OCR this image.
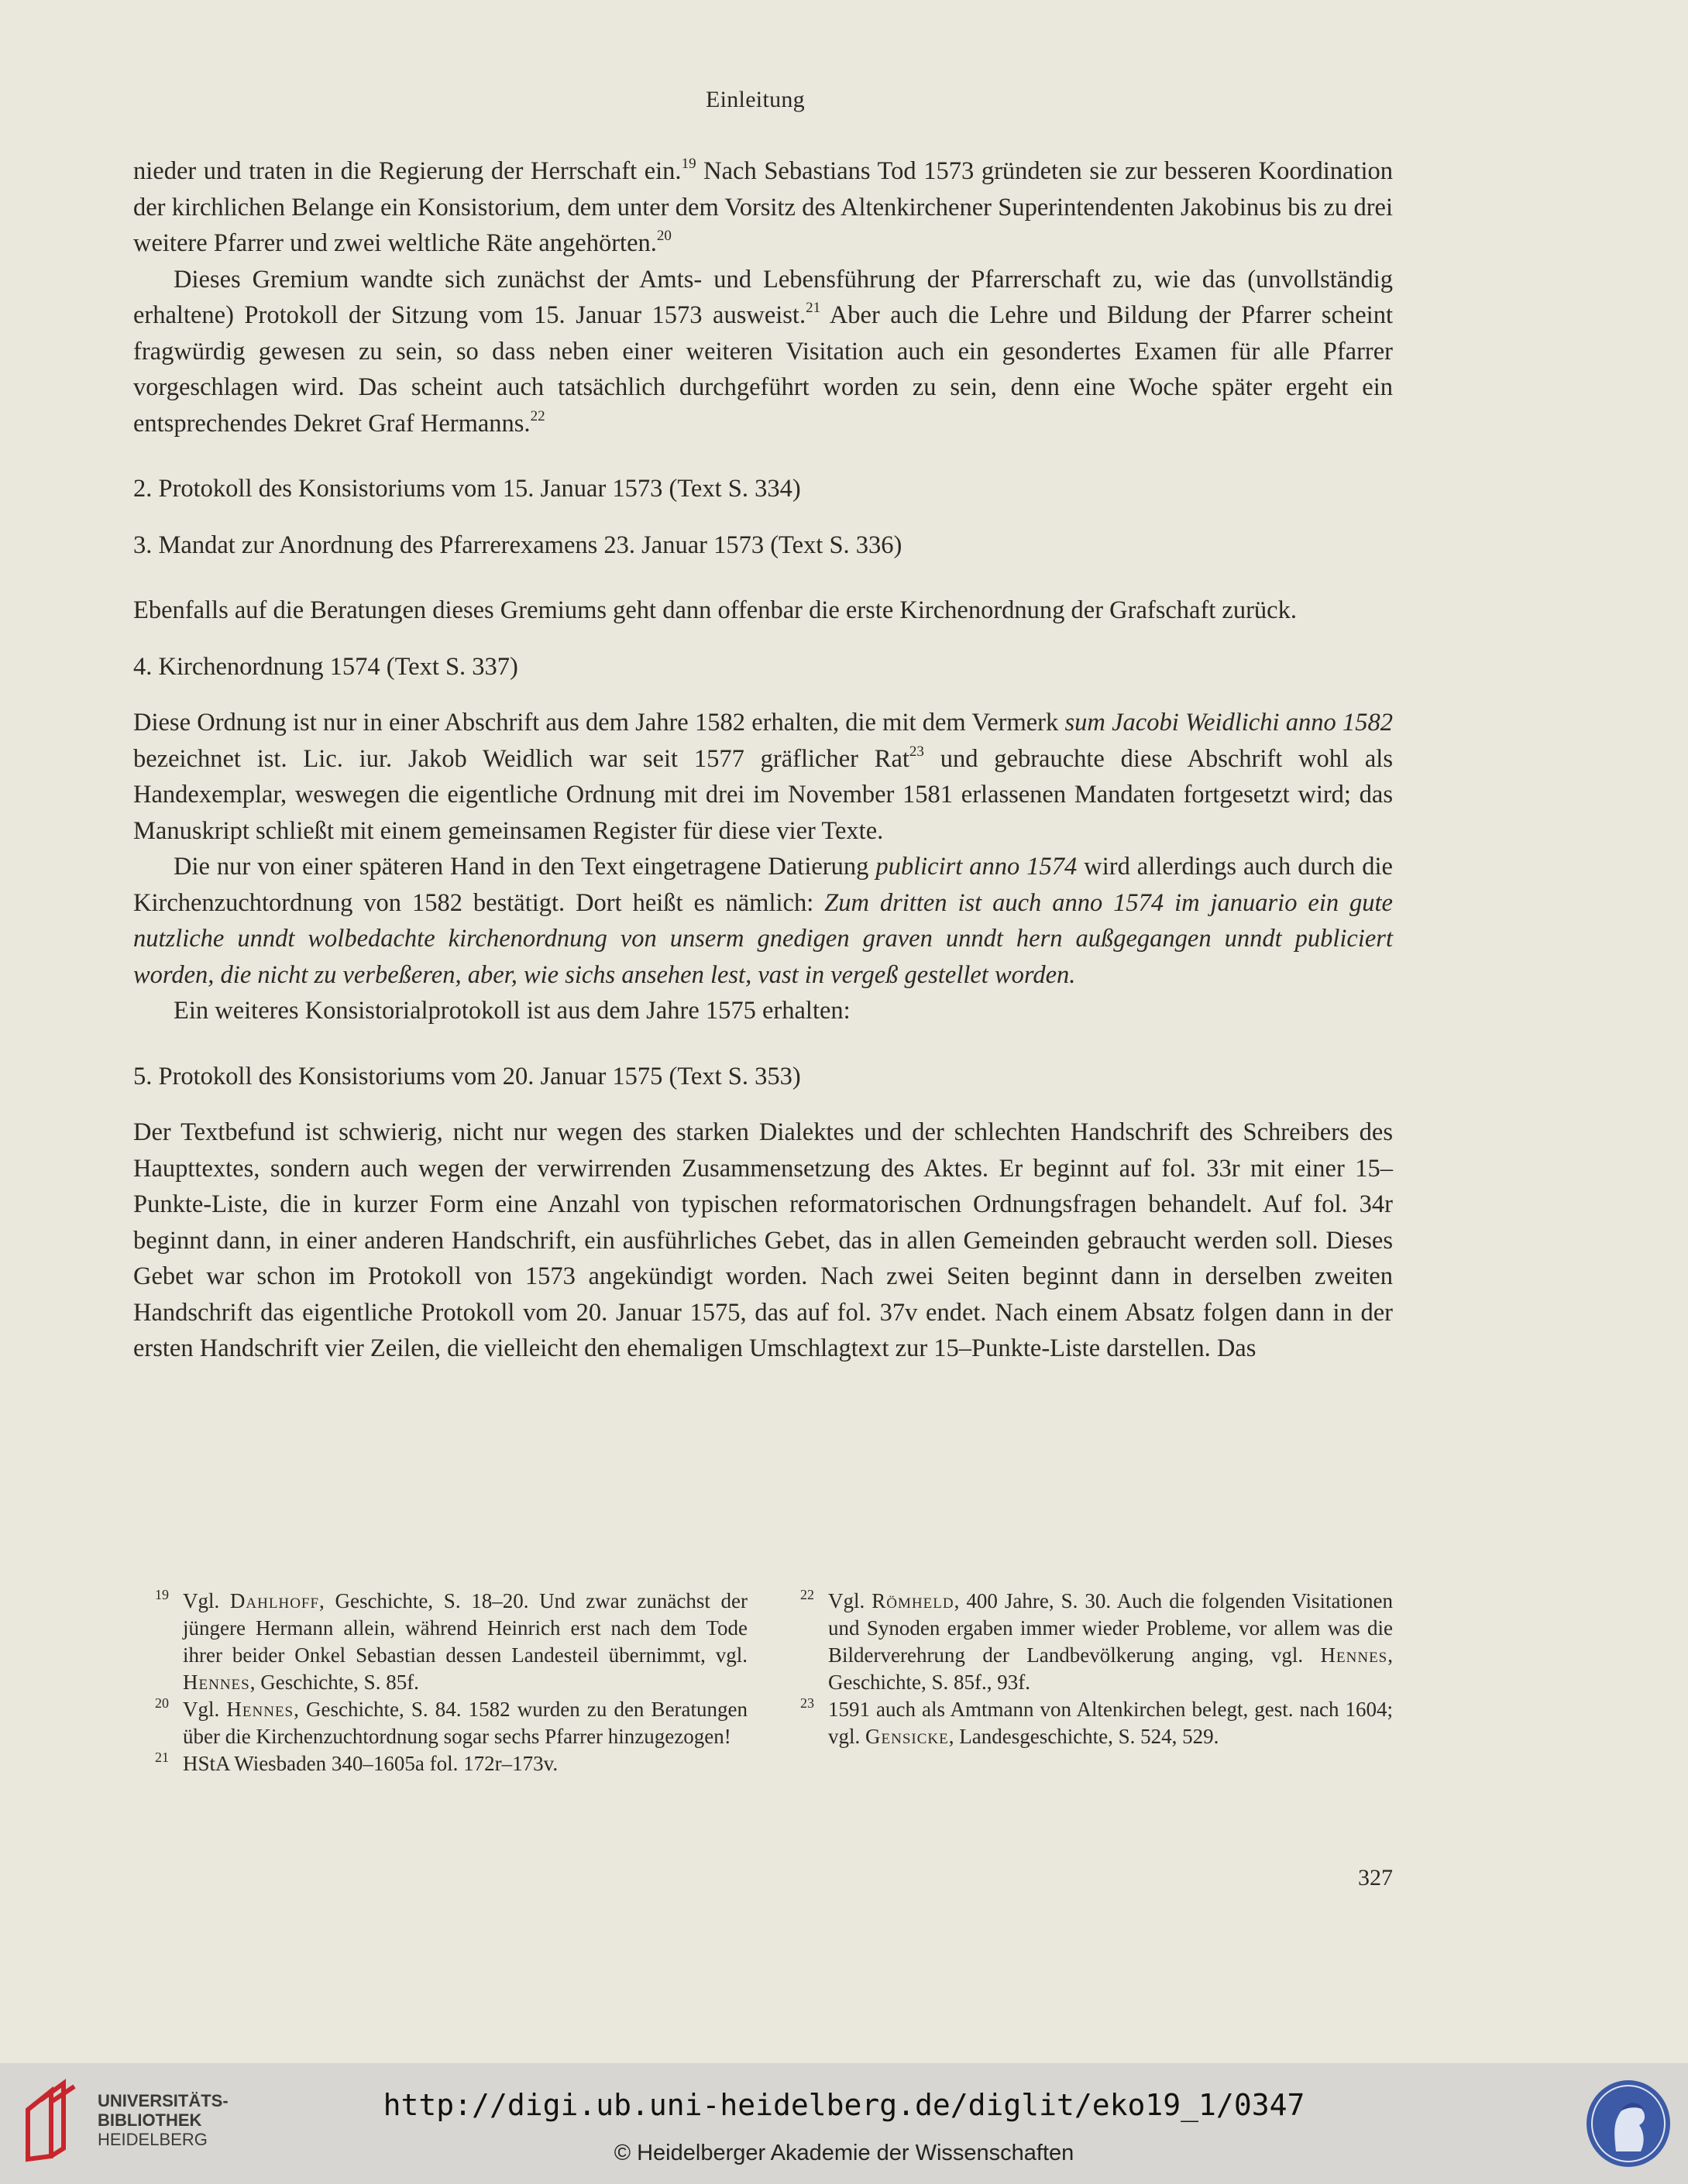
Einleitung

nieder und traten in die Regierung der Herrschaft ein.$^{19}$ Nach Sebastians Tod 1573 gründeten sie zur besseren Koordination der kirchlichen Belange ein Konsistorium, dem unter dem Vorsitz des Altenkirchener Superintendenten Jakobinus bis zu drei weitere Pfarrer und zwei weltliche Räte angehörten.$^{20}$

Dieses Gremium wandte sich zunächst der Amts- und Lebensführung der Pfarrerschaft zu, wie das (unvollständig erhaltene) Protokoll der Sitzung vom 15. Januar 1573 ausweist.$^{21}$ Aber auch die Lehre und Bildung der Pfarrer scheint fragwürdig gewesen zu sein, so dass neben einer weiteren Visitation auch ein gesondertes Examen für alle Pfarrer vorgeschlagen wird. Das scheint auch tatsächlich durchgeführt worden zu sein, denn eine Woche später ergeht ein entsprechendes Dekret Graf Hermanns.$^{22}$

2. Protokoll des Konsistoriums vom 15. Januar 1573 (Text S. 334)

3. Mandat zur Anordnung des Pfarrerexamens 23. Januar 1573 (Text S. 336)

Ebenfalls auf die Beratungen dieses Gremiums geht dann offenbar die erste Kirchenordnung der Grafschaft zurück.

4. Kirchenordnung 1574 (Text S. 337)

Diese Ordnung ist nur in einer Abschrift aus dem Jahre 1582 erhalten, die mit dem Vermerk sum Jacobi Weidlichi anno 1582 bezeichnet ist. Lic. iur. Jakob Weidlich war seit 1577 gräflicher Rat$^{23}$ und gebrauchte diese Abschrift wohl als Handexemplar, weswegen die eigentliche Ordnung mit drei im November 1581 erlassenen Mandaten fortgesetzt wird; das Manuskript schließt mit einem gemeinsamen Register für diese vier Texte.

Die nur von einer späteren Hand in den Text eingetragene Datierung publicirt anno 1574 wird allerdings auch durch die Kirchenzuchtordnung von 1582 bestätigt. Dort heißt es nämlich: Zum dritten ist auch anno 1574 im januario ein gute nutzliche unndt wolbedachte kirchenordnung von unserm gnedigen graven unndt hern außgegangen unndt publiciert worden, die nicht zu verbeßeren, aber, wie sichs ansehen lest, vast in vergeß gestellet worden.

Ein weiteres Konsistorialprotokoll ist aus dem Jahre 1575 erhalten:

5. Protokoll des Konsistoriums vom 20. Januar 1575 (Text S. 353)

Der Textbefund ist schwierig, nicht nur wegen des starken Dialektes und der schlechten Handschrift des Schreibers des Haupttextes, sondern auch wegen der verwirrenden Zusammensetzung des Aktes. Er beginnt auf fol. 33r mit einer 15–Punkte-Liste, die in kurzer Form eine Anzahl von typischen reformatorischen Ordnungsfragen behandelt. Auf fol. 34r beginnt dann, in einer anderen Handschrift, ein ausführliches Gebet, das in allen Gemeinden gebraucht werden soll. Dieses Gebet war schon im Protokoll von 1573 angekündigt worden. Nach zwei Seiten beginnt dann in derselben zweiten Handschrift das eigentliche Protokoll vom 20. Januar 1575, das auf fol. 37v endet. Nach einem Absatz folgen dann in der ersten Handschrift vier Zeilen, die vielleicht den ehemaligen Umschlagtext zur 15–Punkte-Liste darstellen. Das

19 Vgl. Dahlhoff, Geschichte, S. 18–20. Und zwar zunächst der jüngere Hermann allein, während Heinrich erst nach dem Tode ihrer beider Onkel Sebastian dessen Landesteil übernimmt, vgl. Hennes, Geschichte, S. 85f.
20 Vgl. Hennes, Geschichte, S. 84. 1582 wurden zu den Beratungen über die Kirchenzuchtordnung sogar sechs Pfarrer hinzugezogen!
21 HStA Wiesbaden 340–1605a fol. 172r–173v.
22 Vgl. Römheld, 400 Jahre, S. 30. Auch die folgenden Visitationen und Synoden ergaben immer wieder Probleme, vor allem was die Bilderverehrung der Landbevölkerung anging, vgl. Hennes, Geschichte, S. 85f., 93f.
23 1591 auch als Amtmann von Altenkirchen belegt, gest. nach 1604; vgl. Gensicke, Landesgeschichte, S. 524, 529.
327
UNIVERSITÄTS-
BIBLIOTHEK
HEIDELBERG
http://digi.ub.uni-heidelberg.de/diglit/eko19_1/0347
© Heidelberger Akademie der Wissenschaften
